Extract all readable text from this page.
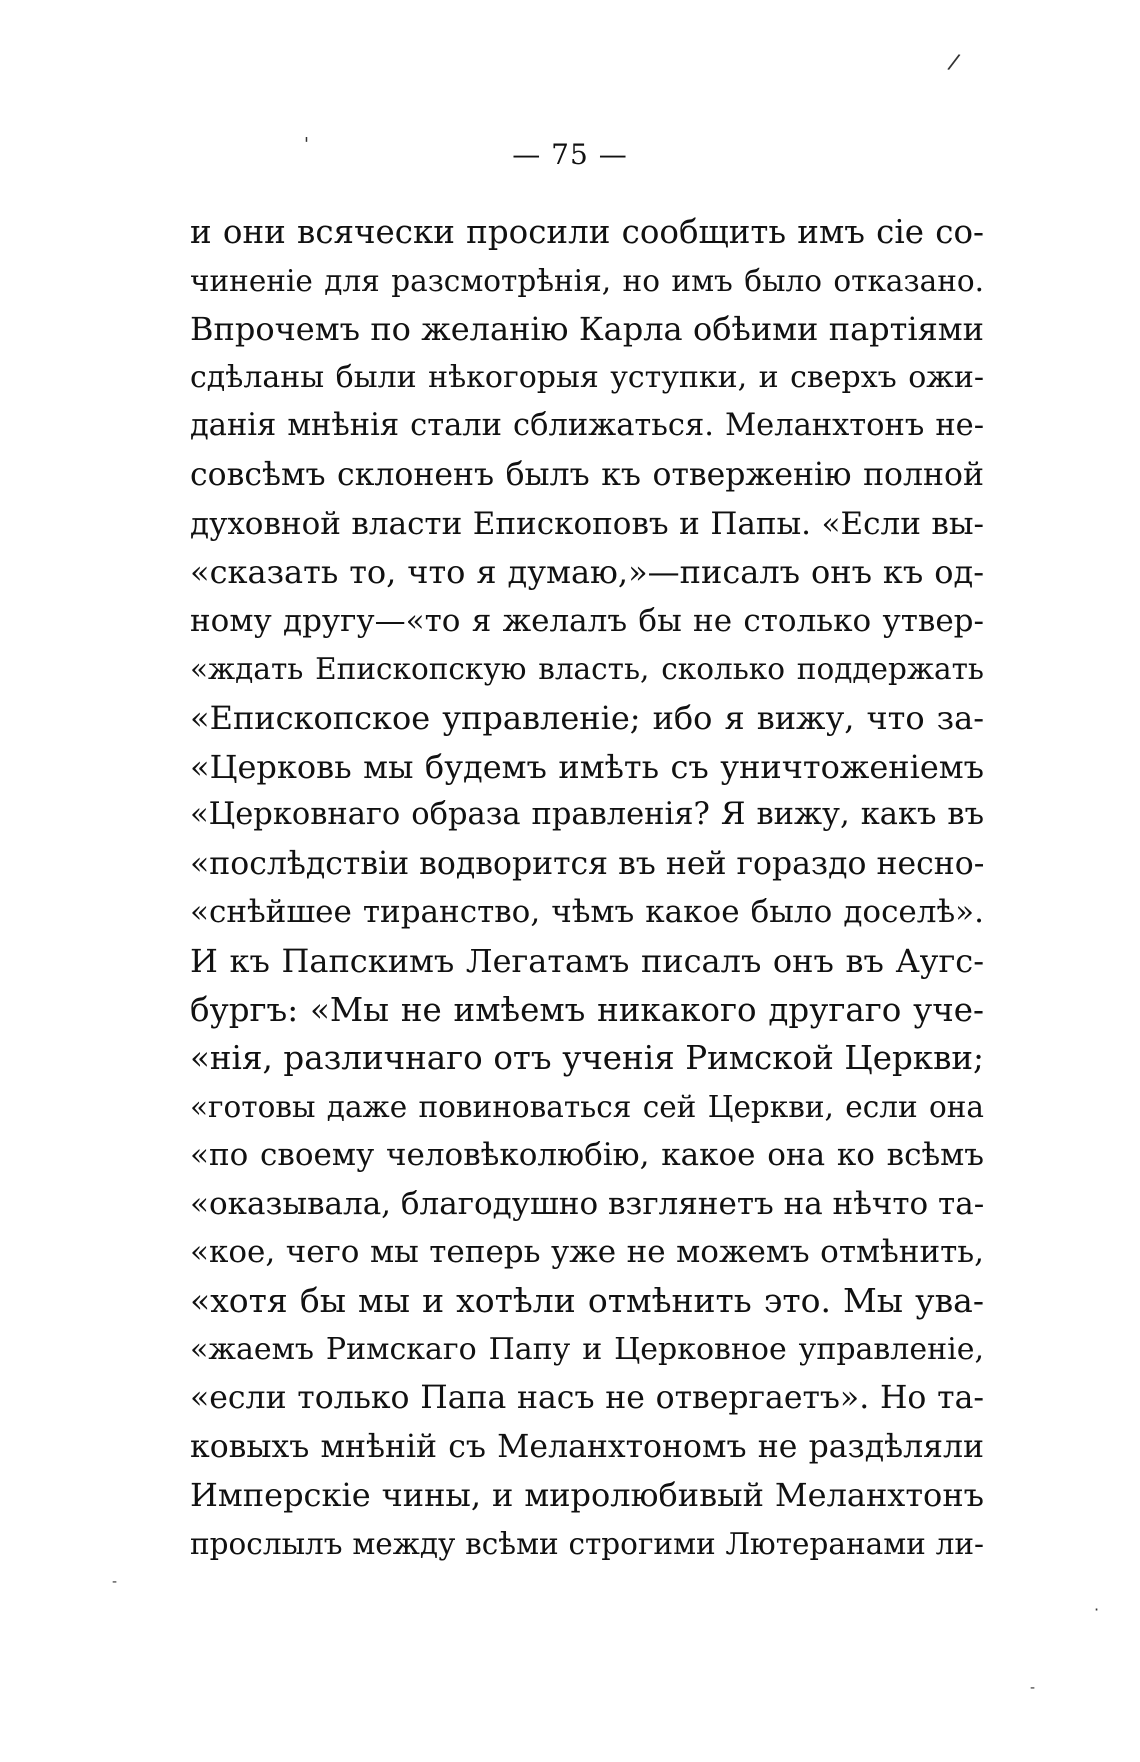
/
'
·
-
-
— 75 —
и они всячески просили сообщить имъ сіе со-
чиненіе для разсмотрѣнія, но имъ было отказано.
Впрочемъ по желанію Карла обѣими партіями
сдѣланы были нѣкогорыя уступки, и сверхъ ожи-
данія мнѣнія стали сближаться. Меланхтонъ не-
совсѣмъ склоненъ былъ къ отверженію полной
духовной власти Епископовъ и Папы. «Если вы-
«сказать то, что я думаю,»—писалъ онъ къ од-
ному другу—«то я желалъ бы не столько утвер-
«ждать Епископскую власть, сколько поддержать
«Епископское управленіе; ибо я вижу, что за-
«Церковь мы будемъ имѣть съ уничтоженіемъ
«Церковнаго образа правленія? Я вижу, какъ въ
«послѣдствіи водворится въ ней гораздо несно-
«снѣйшее тиранство, чѣмъ какое было доселѣ».
И къ Папскимъ Легатамъ писалъ онъ въ Аугс-
бургъ: «Мы не имѣемъ никакого другаго уче-
«нія, различнаго отъ ученія Римской Церкви;
«готовы даже повиноваться сей Церкви, если она
«по своему человѣколюбію, какое она ко всѣмъ
«оказывала, благодушно взглянетъ на нѣчто та-
«кое, чего мы теперь уже не можемъ отмѣнить,
«хотя бы мы и хотѣли отмѣнить это. Мы ува-
«жаемъ Римскаго Папу и Церковное управленіе,
«если только Папа насъ не отвергаетъ». Но та-
ковыхъ мнѣній съ Меланхтономъ не раздѣляли
Имперскіе чины, и миролюбивый Меланхтонъ
прослылъ между всѣми строгими Лютеранами ли-
